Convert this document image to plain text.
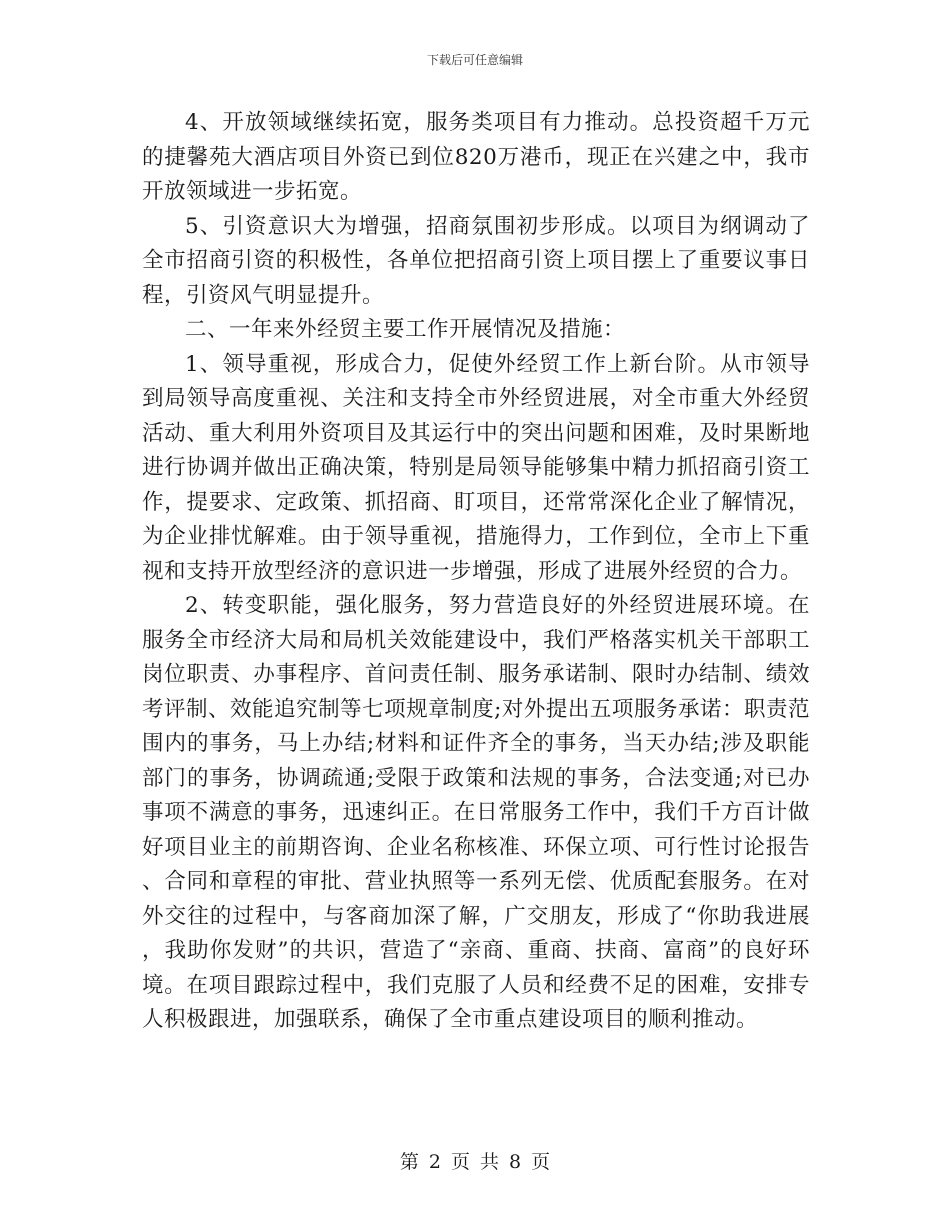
下载后可任意编辑

4、开放领域继续拓宽，服务类项目有力推动。总投资超千万元的捷馨苑大酒店项目外资已到位820万港币，现正在兴建之中，我市开放领域进一步拓宽。

5、引资意识大为增强，招商氛围初步形成。以项目为纲调动了全市招商引资的积极性，各单位把招商引资上项目摆上了重要议事日程，引资风气明显提升。

二、一年来外经贸主要工作开展情况及措施：

1、领导重视，形成合力，促使外经贸工作上新台阶。从市领导到局领导高度重视、关注和支持全市外经贸进展，对全市重大外经贸活动、重大利用外资项目及其运行中的突出问题和困难，及时果断地进行协调并做出正确决策，特别是局领导能够集中精力抓招商引资工作，提要求、定政策、抓招商、盯项目，还常常深化企业了解情况，为企业排忧解难。由于领导重视，措施得力，工作到位，全市上下重视和支持开放型经济的意识进一步增强，形成了进展外经贸的合力。

2、转变职能，强化服务，努力营造良好的外经贸进展环境。在服务全市经济大局和局机关效能建设中，我们严格落实机关干部职工岗位职责、办事程序、首问责任制、服务承诺制、限时办结制、绩效考评制、效能追究制等七项规章制度;对外提出五项服务承诺：职责范围内的事务，马上办结;材料和证件齐全的事务，当天办结;涉及职能部门的事务，协调疏通;受限于政策和法规的事务，合法变通;对已办事项不满意的事务，迅速纠正。在日常服务工作中，我们千方百计做好项目业主的前期咨询、企业名称核准、环保立项、可行性讨论报告、合同和章程的审批、营业执照等一系列无偿、优质配套服务。在对外交往的过程中，与客商加深了解，广交朋友，形成了“你助我进展，我助你发财”的共识，营造了“亲商、重商、扶商、富商”的良好环境。在项目跟踪过程中，我们克服了人员和经费不足的困难，安排专人积极跟进，加强联系，确保了全市重点建设项目的顺利推动。

第 2 页 共 8 页
